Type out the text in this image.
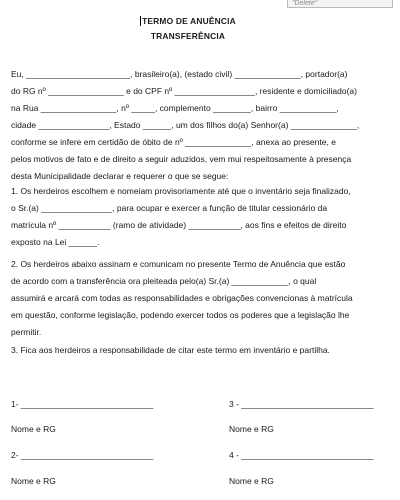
"Delete"
TERMO DE ANUÊNCIA
TRANSFERÊNCIA
Eu, ______________________, brasileiro(a), (estado civil) ______________, portador(a)
do RG nº ________________ e do CPF nº _________________, residente e domiciliado(a)
na Rua ________________, nº _____, complemento ________, bairro ____________,
cidade _______________, Estado ______, um dos filhos do(a) Senhor(a) ______________,
conforme se infere em certidão de óbito de nº ______________, anexa ao presente, e
pelos motivos de fato e de direito a seguir aduzidos, vem mui respeitosamente à presença
desta Municipalidade declarar e requerer o que se segue:
1. Os herdeiros escolhem e nomeiam provisoriamente até que o inventário seja finalizado,
o Sr.(a) _______________, para ocupar e exercer a função de titular cessionário da
matrícula nº ___________ (ramo de atividade) ___________, aos fins e efeitos de direito
exposto na Lei ______.
2. Os herdeiros abaixo assinam e comunicam no presente Termo de Anuência que estão
de acordo com a transferência ora pleiteada pelo(a) Sr.(a) ____________, o qual
assumirá e arcará com todas as responsabilidades e obrigações convencionas à matrícula
em questão, conforme legislação, podendo exercer todos os poderes que a legislação lhe
permitir.
3. Fica aos herdeiros a responsabilidade de citar este termo em inventário e partilha.
1- ____________________________
Nome e RG
3 - ____________________________
Nome e RG
2- ____________________________
Nome e RG
4 - ____________________________
Nome e RG
